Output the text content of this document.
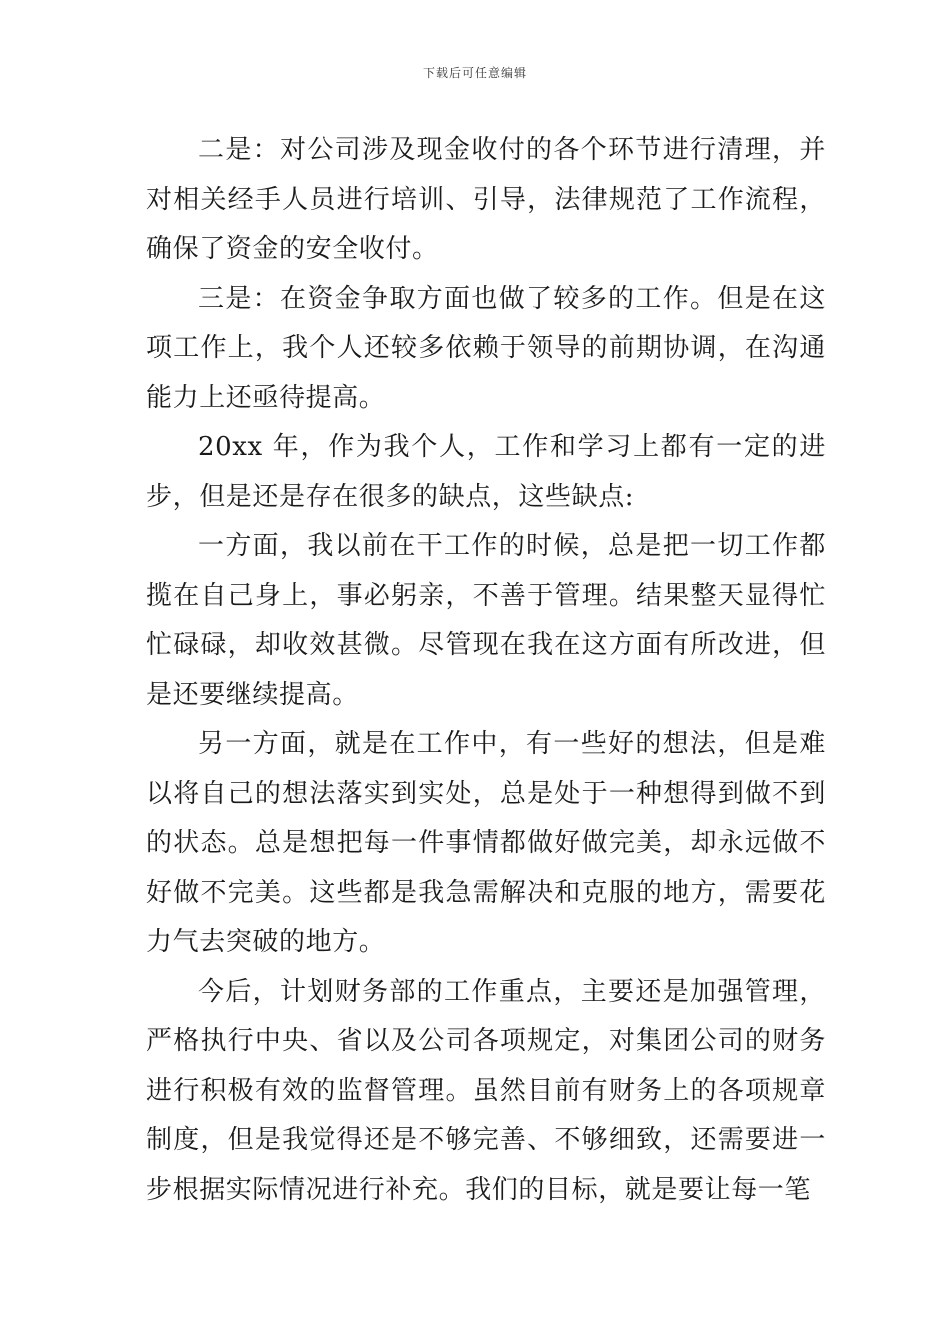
下载后可任意编辑

二是：对公司涉及现金收付的各个环节进行清理，并对相关经手人员进行培训、引导，法律规范了工作流程，确保了资金的安全收付。

三是：在资金争取方面也做了较多的工作。但是在这项工作上，我个人还较多依赖于领导的前期协调，在沟通能力上还亟待提高。

20xx 年，作为我个人，工作和学习上都有一定的进步，但是还是存在很多的缺点，这些缺点:

一方面，我以前在干工作的时候，总是把一切工作都揽在自己身上，事必躬亲，不善于管理。结果整天显得忙忙碌碌，却收效甚微。尽管现在我在这方面有所改进，但是还要继续提高。

另一方面，就是在工作中，有一些好的想法，但是难以将自己的想法落实到实处，总是处于一种想得到做不到的状态。总是想把每一件事情都做好做完美，却永远做不好做不完美。这些都是我急需解决和克服的地方，需要花力气去突破的地方。

今后，计划财务部的工作重点，主要还是加强管理，严格执行中央、省以及公司各项规定，对集团公司的财务进行积极有效的监督管理。虽然目前有财务上的各项规章制度，但是我觉得还是不够完善、不够细致，还需要进一步根据实际情况进行补充。我们的目标，就是要让每一笔
